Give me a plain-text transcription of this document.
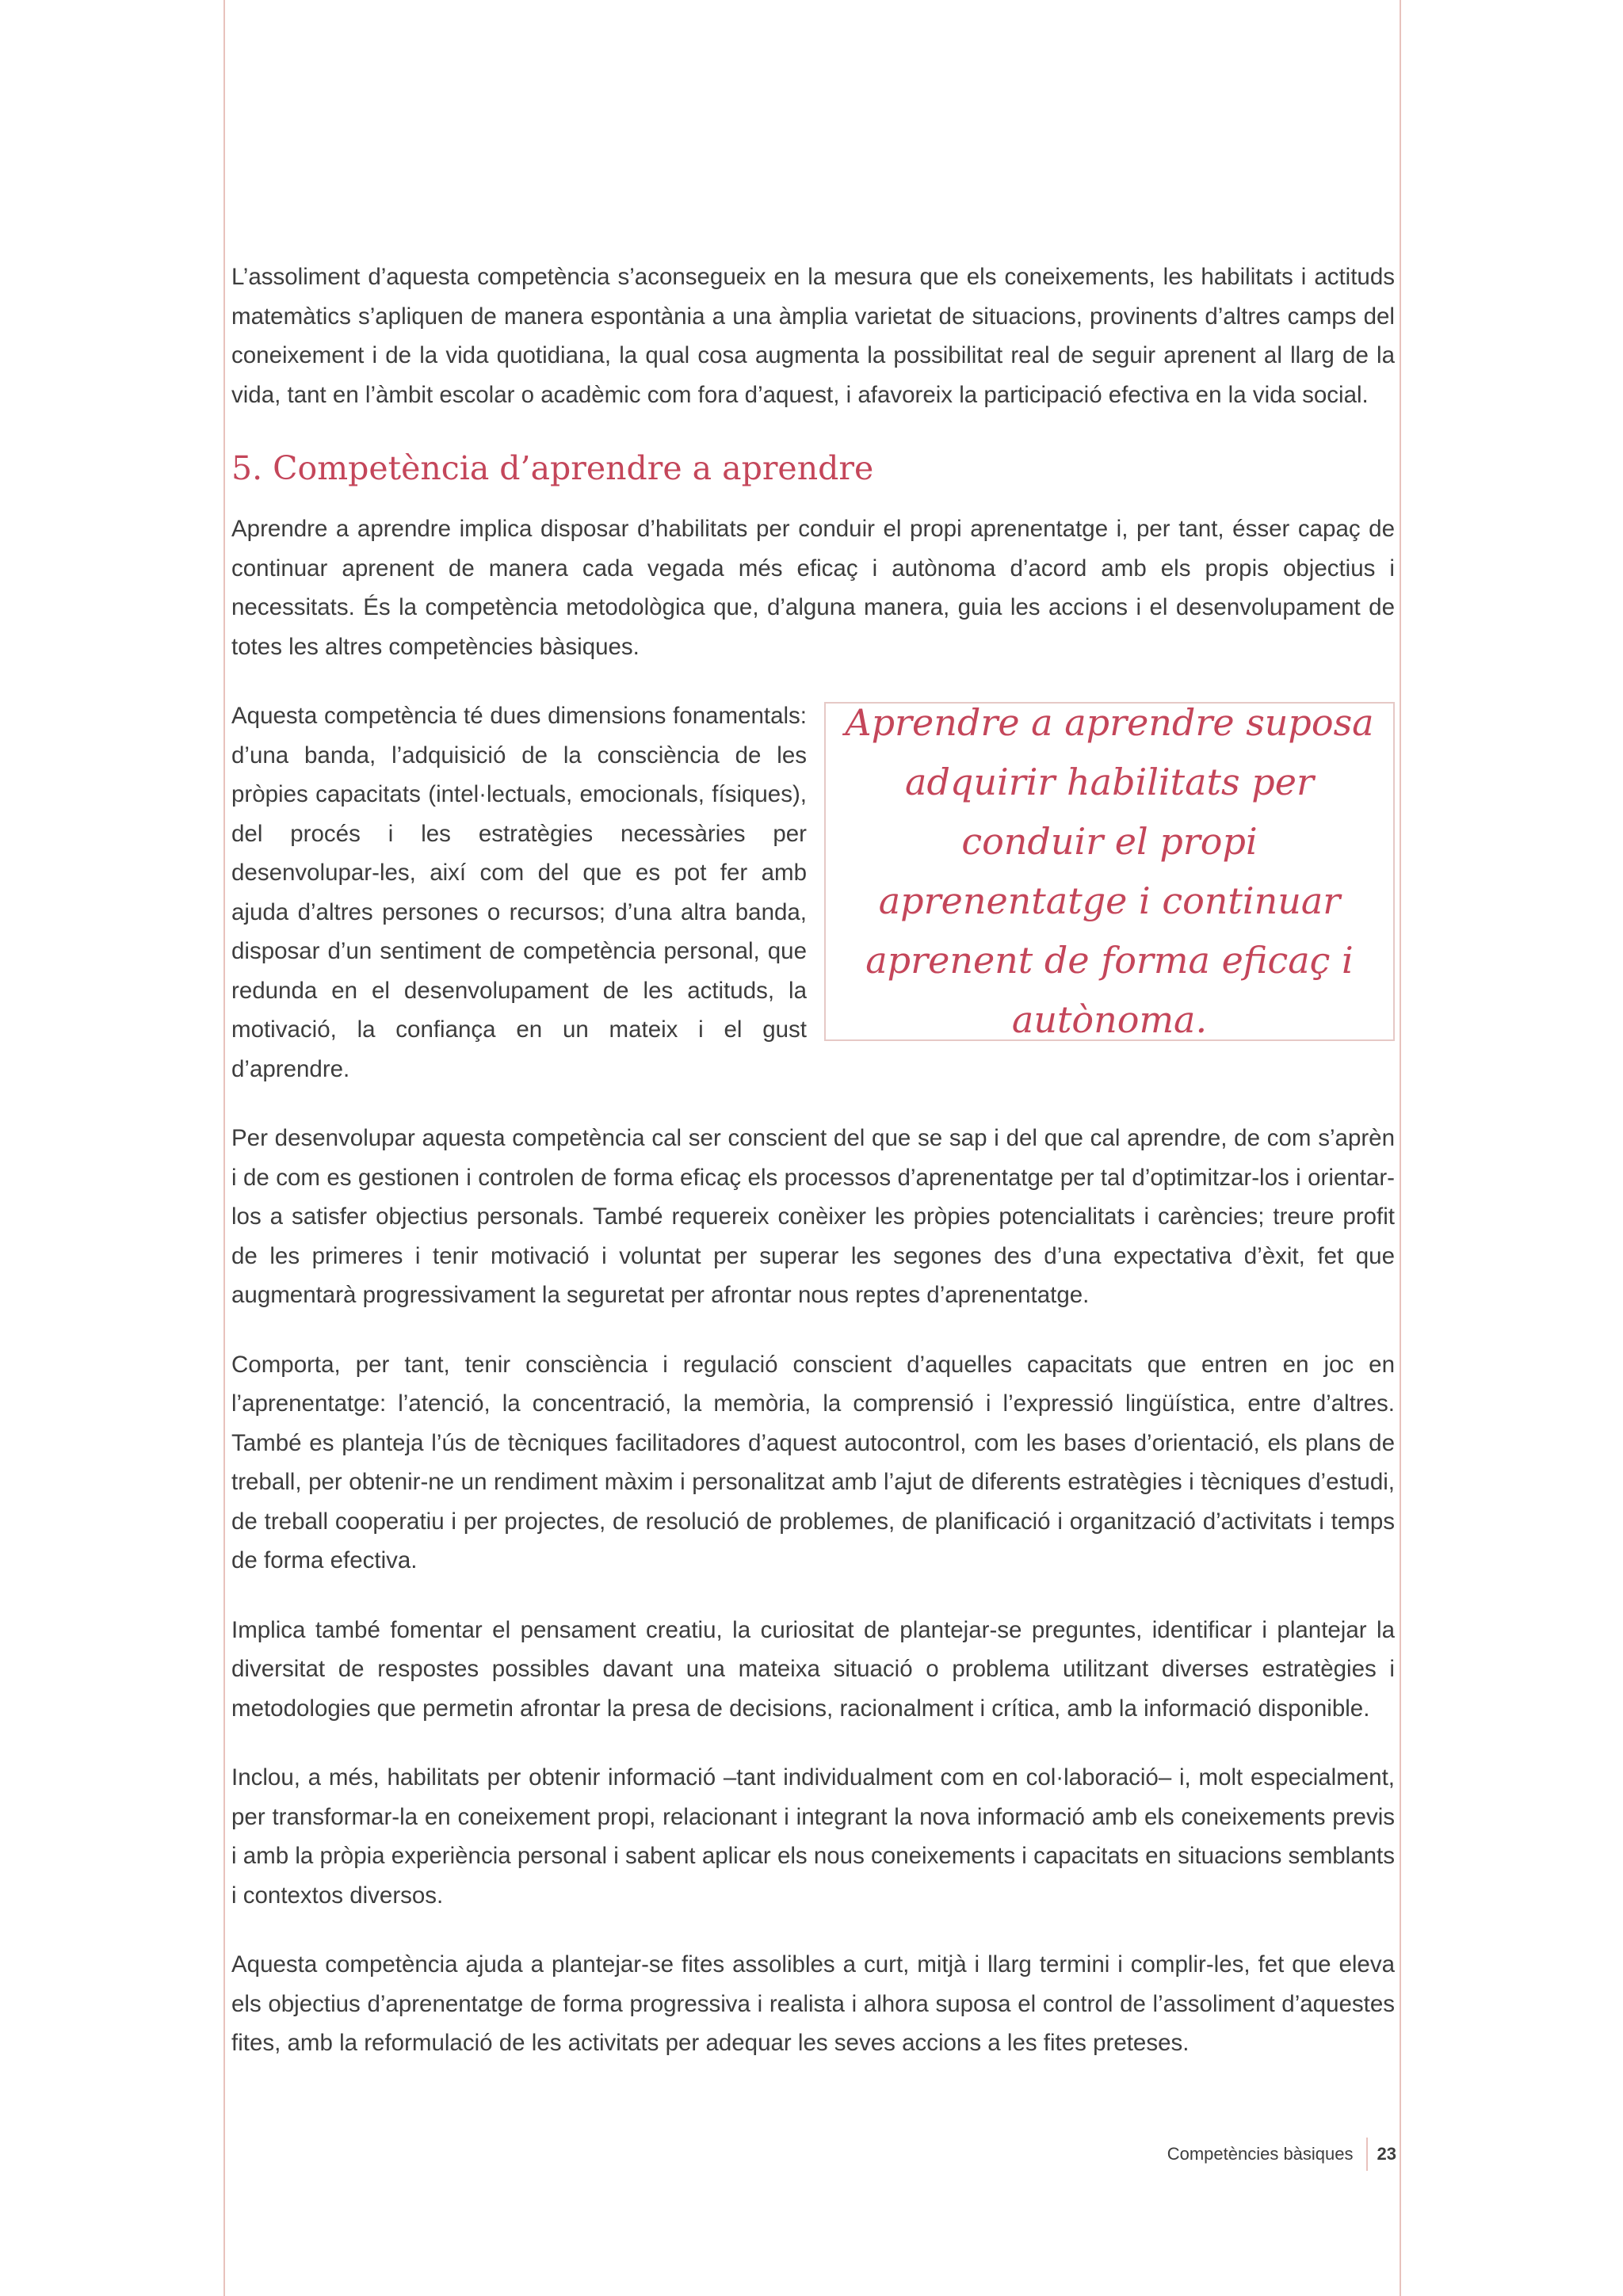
L’assoliment d’aquesta competència s’aconsegueix en la mesura que els coneixements, les habilitats i actituds matemàtics s’apliquen de manera espontània a una àmplia varietat de situacions, provinents d’altres camps del coneixement i de la vida quotidiana, la qual cosa augmenta la possibilitat real de seguir aprenent al llarg de la vida, tant en l’àmbit escolar o acadèmic com fora d’aquest, i afavoreix la participació efectiva en la vida social.

5. Competència d’aprendre a aprendre

Aprendre a aprendre implica disposar d’habilitats per conduir el propi aprenentatge i, per tant, ésser capaç de continuar aprenent de manera cada vegada més eficaç i autònoma d’acord amb els propis objectius i necessitats. És la competència metodològica que, d’alguna manera, guia les accions i el desenvolupament de totes les altres competències bàsiques.

Aprendre a aprendre suposa adquirir habilitats per conduir el propi aprenentatge i continuar aprenent de forma eficaç i autònoma.
Aquesta competència té dues dimensions fonamentals: d’una banda, l’adquisició de la consciència de les pròpies capacitats (intel·lectuals, emocionals, físiques), del procés i les estratègies necessàries per desenvolupar-les, així com del que es pot fer amb ajuda d’altres persones o recursos; d’una altra banda, disposar d’un sentiment de competència personal, que redunda en el desenvolupament de les actituds, la motivació, la confiança en un mateix i el gust d’aprendre.

Per desenvolupar aquesta competència cal ser conscient del que se sap i del que cal aprendre, de com s’aprèn i de com es gestionen i controlen de forma eficaç els processos d’aprenentatge per tal d’optimitzar-los i orientar-los a satisfer objectius personals. També requereix conèixer les pròpies potencialitats i carències; treure profit de les primeres i tenir motivació i voluntat per superar les segones des d’una expectativa d’èxit, fet que augmentarà progressivament la seguretat per afrontar nous reptes d’aprenentatge.

Comporta, per tant, tenir consciència i regulació conscient d’aquelles capacitats que entren en joc en l’aprenentatge: l’atenció, la concentració, la memòria, la comprensió i l’expressió lingüística, entre d’altres. També es planteja l’ús de tècniques facilitadores d’aquest autocontrol, com les bases d’orientació, els plans de treball, per obtenir-ne un rendiment màxim i personalitzat amb l’ajut de diferents estratègies i tècniques d’estudi, de treball cooperatiu i per projectes, de resolució de problemes, de planificació i organització d’activitats i temps de forma efectiva.

Implica també fomentar el pensament creatiu, la curiositat de plantejar-se preguntes, identificar i plantejar la diversitat de respostes possibles davant una mateixa situació o problema utilitzant diverses estratègies i metodologies que permetin afrontar la presa de decisions, racionalment i crítica, amb la informació disponible.

Inclou, a més, habilitats per obtenir informació –tant individualment com en col·laboració– i, molt especialment, per transformar-la en coneixement propi, relacionant i integrant la nova informació amb els coneixements previs i amb la pròpia experiència personal i sabent aplicar els nous coneixements i capacitats en situacions semblants i contextos diversos.

Aquesta competència ajuda a plantejar-se fites assolibles a curt, mitjà i llarg termini i complir-les, fet que eleva els objectius d’aprenentatge de forma progressiva i realista i alhora suposa el control de l’assoliment d’aquestes fites, amb la reformulació de les activitats per adequar les seves accions a les fites preteses.

Competències bàsiques 23
